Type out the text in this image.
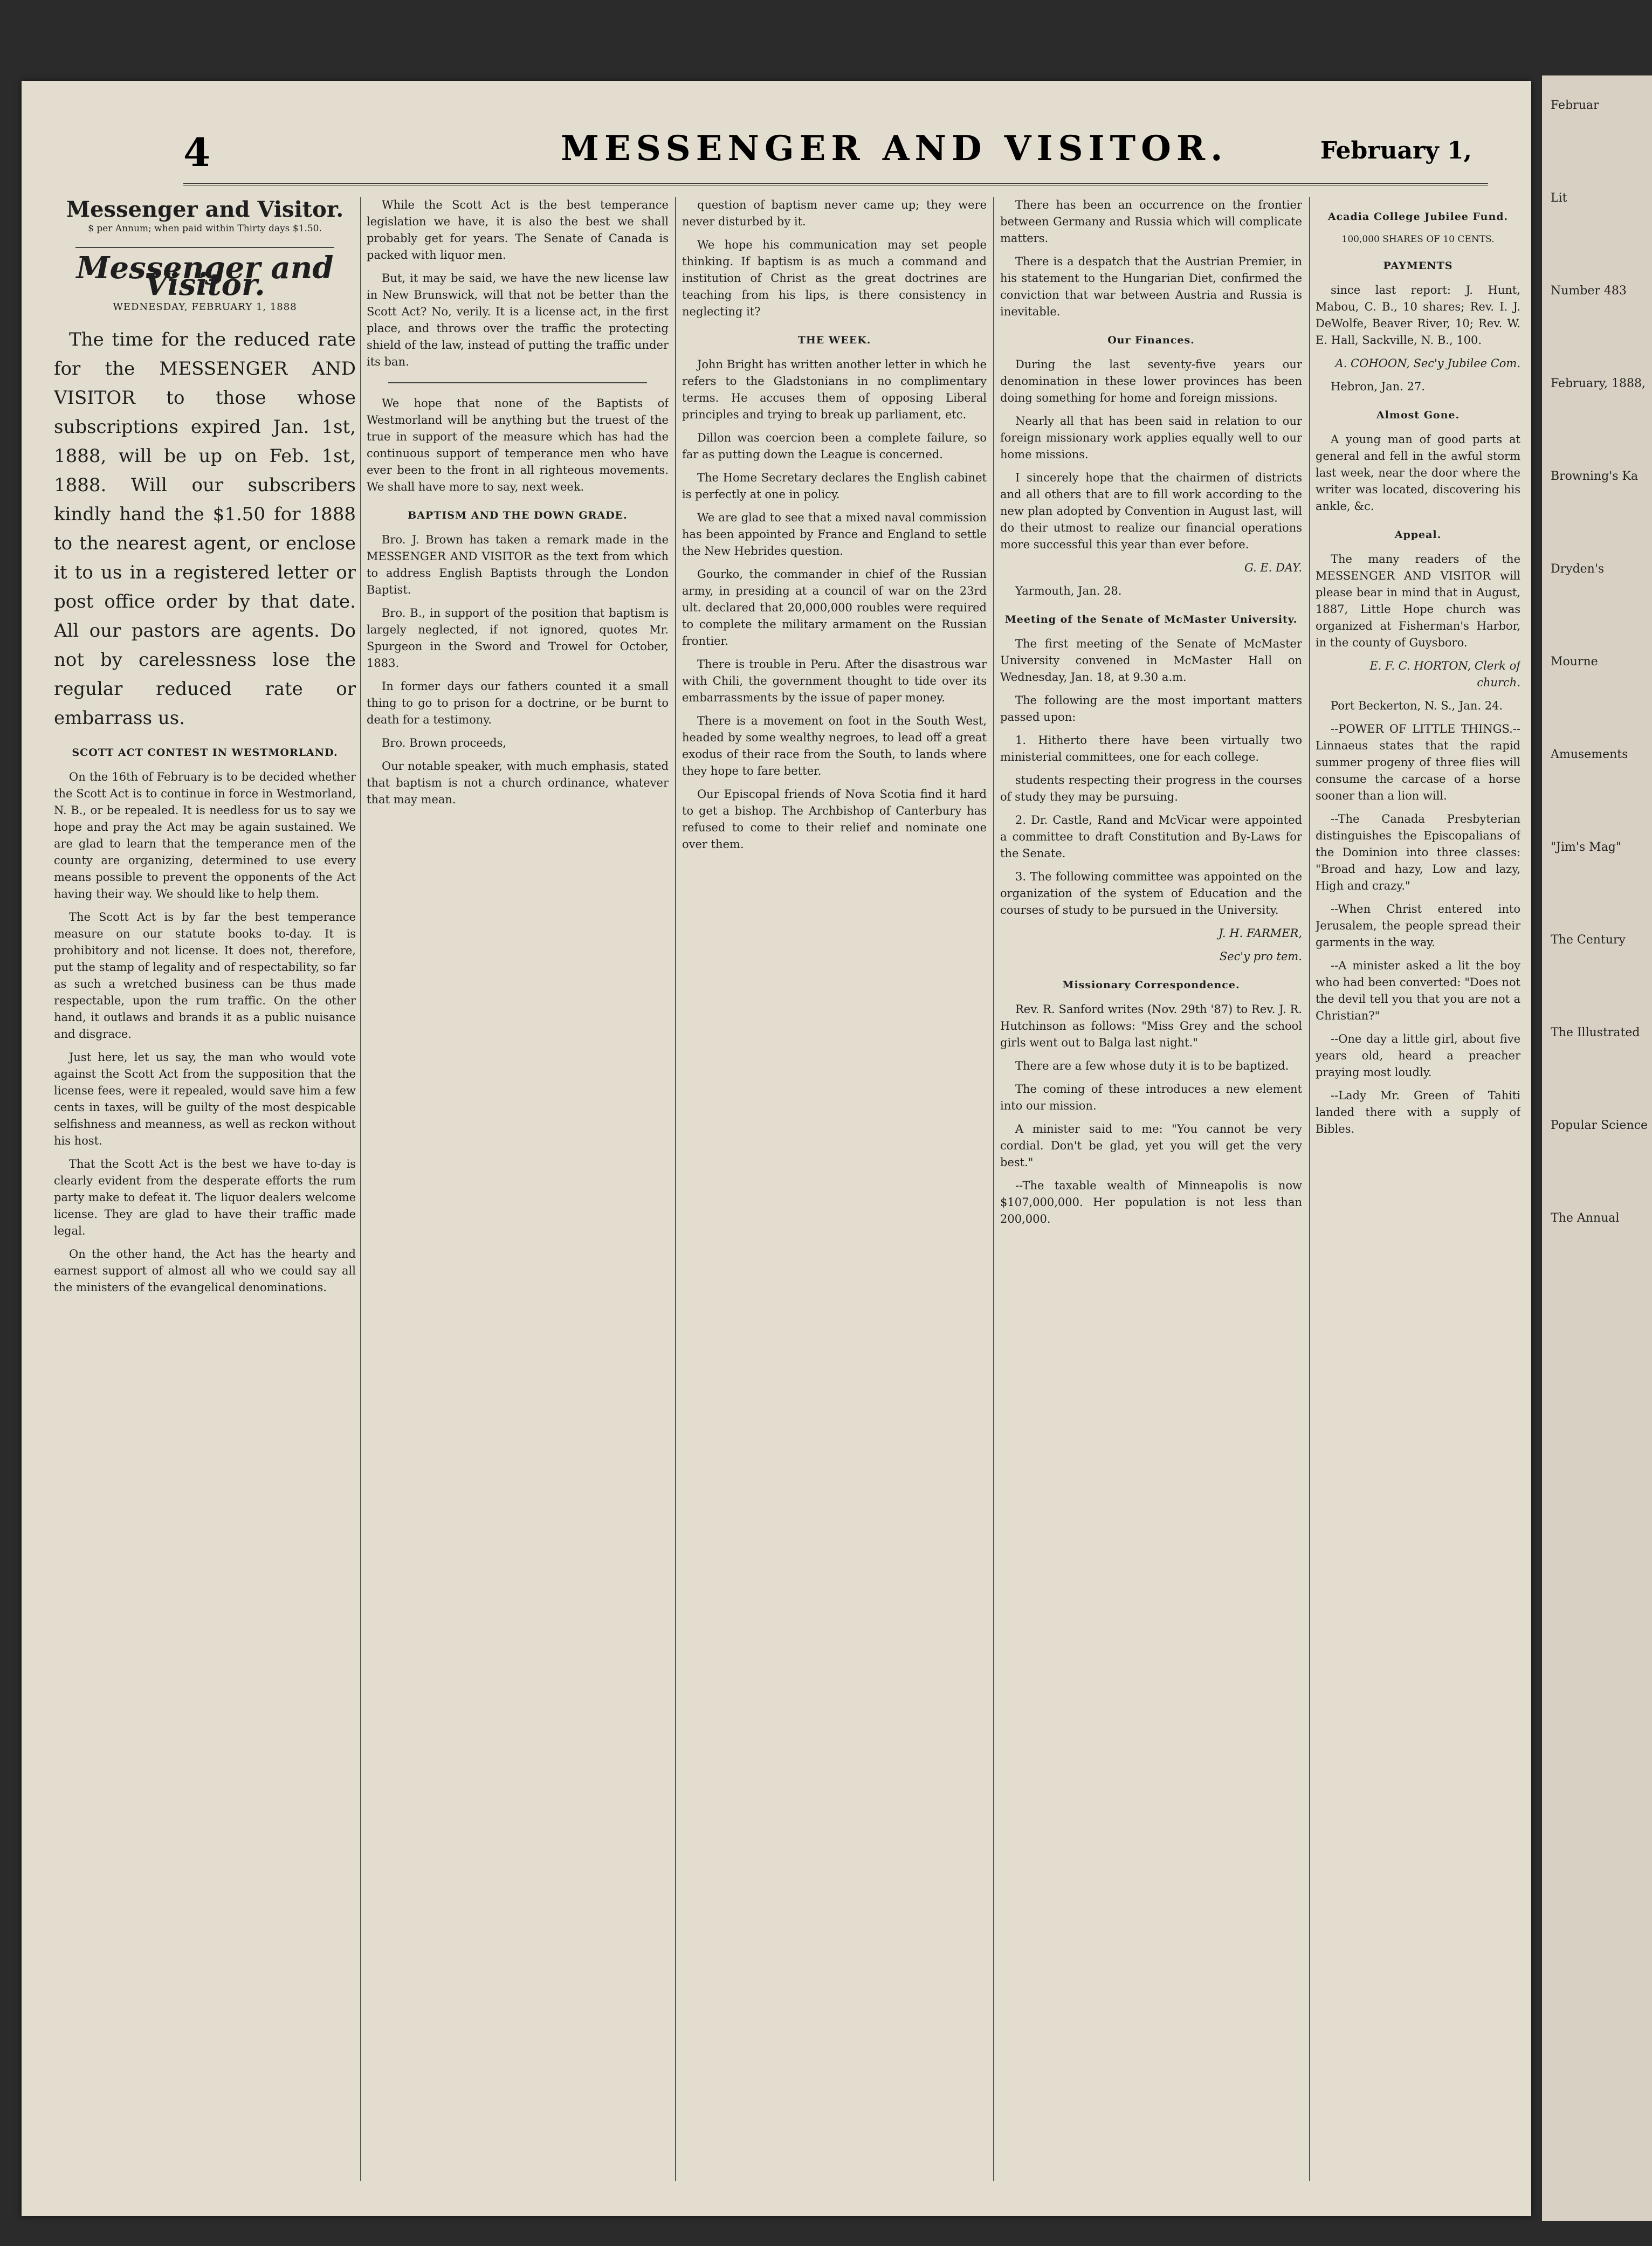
4	MESSENGER AND VISITOR.	February 1,
Messenger and Visitor.
$ per Annum; when paid within Thirty days $1.50.
Messenger and Visitor.
WEDNESDAY, FEBRUARY 1, 1888

The time for the reduced rate for the MESSENGER AND VISITOR to those whose subscriptions expired Jan. 1st, 1888, will be up on Feb. 1st, 1888. Will our subscribers kindly hand the $1.50 for 1888 to the nearest agent, or enclose it to us in a registered letter or post office order by that date. All our pastors are agents. Do not by carelessness lose the regular reduced rate or embarrass us.

SCOTT ACT CONTEST IN WESTMORLAND.

On the 16th of February is to be decided whether the Scott Act is to continue in force in Westmorland, N. B., or be repealed. It is needless for us to say we hope and pray the Act may be again sustained. We are glad to learn that the temperance men of the county are organizing, determined to use every means possible to prevent the opponents of the Act having their way. We should like to help them.

The Scott Act is by far the best temperance measure on our statute books to-day. It is prohibitory and not license. It does not, therefore, put the stamp of legality and of respectability, so far as such a wretched business can be thus made respectable, upon the rum traffic. On the other hand, it outlaws and brands it as a public nuisance and disgrace.

Just here, let us say, the man who would vote against the Scott Act from the supposition that the license fees, were it repealed, would save him a few cents in taxes, will be guilty of the most despicable selfishness and meanness, as well as reckon without his host.

That the Scott Act is the best we have to-day is clearly evident from the desperate efforts the rum party make to defeat it. The liquor dealers welcome license. They are glad to have their traffic made legal.

On the other hand, the Act has the hearty and earnest support of almost all who we could say all the ministers of the evangelical denominations.

While the Scott Act is the best temperance legislation we have, it is also the best we shall probably get for years. The Senate of Canada is packed with liquor men.

But, it may be said, we have the new license law in New Brunswick, will that not be better than the Scott Act? No, verily. It is a license act, in the first place, and throws over the traffic the protecting shield of the law, instead of putting the traffic under its ban.

We hope that none of the Baptists of Westmorland will be anything but the truest of the true in support of the measure which has had the continuous support of temperance men who have ever been to the front in all righteous movements. We shall have more to say, next week.

BAPTISM AND THE DOWN GRADE.

Bro. J. Brown has taken a remark made in the MESSENGER AND VISITOR as the text from which to address English Baptists through the London Baptist.

Bro. B., in support of the position that baptism is largely neglected, if not ignored, quotes Mr. Spurgeon in the Sword and Trowel for October, 1883.

In former days our fathers counted it a small thing to go to prison for a doctrine, or be burnt to death for a testimony.

Bro. Brown proceeds,

Our notable speaker, with much emphasis, stated that baptism is not a church ordinance, whatever that may mean.

question of baptism never came up; they were never disturbed by it.

We hope his communication may set people thinking. If baptism is as much a command and institution of Christ as the great doctrines are teaching from his lips, is there consistency in neglecting it?

THE WEEK.

John Bright has written another letter in which he refers to the Gladstonians in no complimentary terms. He accuses them of opposing Liberal principles and trying to break up parliament, etc.

Dillon was coercion been a complete failure, so far as putting down the League is concerned.

The Home Secretary declares the English cabinet is perfectly at one in policy.

We are glad to see that a mixed naval commission has been appointed by France and England to settle the New Hebrides question.

Gourko, the commander in chief of the Russian army, in presiding at a council of war on the 23rd ult. declared that 20,000,000 roubles were required to complete the military armament on the Russian frontier.

There is trouble in Peru. After the disastrous war with Chili, the government thought to tide over its embarrassments by the issue of paper money.

There is a movement on foot in the South West, headed by some wealthy negroes, to lead off a great exodus of their race from the South, to lands where they hope to fare better.

Our Episcopal friends of Nova Scotia find it hard to get a bishop. The Archbishop of Canterbury has refused to come to their relief and nominate one over them.

There has been an occurrence on the frontier between Germany and Russia which will complicate matters.

There is a despatch that the Austrian Premier, in his statement to the Hungarian Diet, confirmed the conviction that war between Austria and Russia is inevitable.

Our Finances.

During the last seventy-five years our denomination in these lower provinces has been doing something for home and foreign missions.

Nearly all that has been said in relation to our foreign missionary work applies equally well to our home missions.

I sincerely hope that the chairmen of districts and all others that are to fill work according to the new plan adopted by Convention in August last, will do their utmost to realize our financial operations more successful this year than ever before.

G. E. DAY.

Yarmouth, Jan. 28.

Meeting of the Senate of McMaster University.

The first meeting of the Senate of McMaster University convened in McMaster Hall on Wednesday, Jan. 18, at 9.30 a.m.

The following are the most important matters passed upon:

1. Hitherto there have been virtually two ministerial committees, one for each college.

students respecting their progress in the courses of study they may be pursuing.

2. Dr. Castle, Rand and McVicar were appointed a committee to draft Constitution and By-Laws for the Senate.

3. The following committee was appointed on the organization of the system of Education and the courses of study to be pursued in the University.

J. H. FARMER,

Sec'y pro tem.

Missionary Correspondence.

Rev. R. Sanford writes (Nov. 29th '87) to Rev. J. R. Hutchinson as follows: "Miss Grey and the school girls went out to Balga last night."

There are a few whose duty it is to be baptized.

The coming of these introduces a new element into our mission.

A minister said to me: "You cannot be very cordial. Don't be glad, yet you will get the very best."

--The taxable wealth of Minneapolis is now $107,000,000. Her population is not less than 200,000.

Acadia College Jubilee Fund.
100,000 SHARES OF 10 CENTS.
PAYMENTS

since last report: J. Hunt, Mabou, C. B., 10 shares; Rev. I. J. DeWolfe, Beaver River, 10; Rev. W. E. Hall, Sackville, N. B., 100.

A. COHOON, Sec'y Jubilee Com.

Hebron, Jan. 27.

Almost Gone.

A young man of good parts at general and fell in the awful storm last week, near the door where the writer was located, discovering his ankle, &c.

Appeal.

The many readers of the MESSENGER AND VISITOR will please bear in mind that in August, 1887, Little Hope church was organized at Fisherman's Harbor, in the county of Guysboro.

E. F. C. HORTON, Clerk of church.

Port Beckerton, N. S., Jan. 24.

--POWER OF LITTLE THINGS.--Linnaeus states that the rapid summer progeny of three flies will consume the carcase of a horse sooner than a lion will.

--The Canada Presbyterian distinguishes the Episcopalians of the Dominion into three classes: "Broad and hazy, Low and lazy, High and crazy."

--When Christ entered into Jerusalem, the people spread their garments in the way.

--A minister asked a lit the boy who had been converted: "Does not the devil tell you that you are not a Christian?"

--One day a little girl, about five years old, heard a preacher praying most loudly.

--Lady Mr. Green of Tahiti landed there with a supply of Bibles.

Februar

Lit

Number 483

February, 1888,

Browning's Ka

Dryden's

Mourne

Amusements

"Jim's Mag"

The Century

The Illustrated

Popular Science

The Annual
